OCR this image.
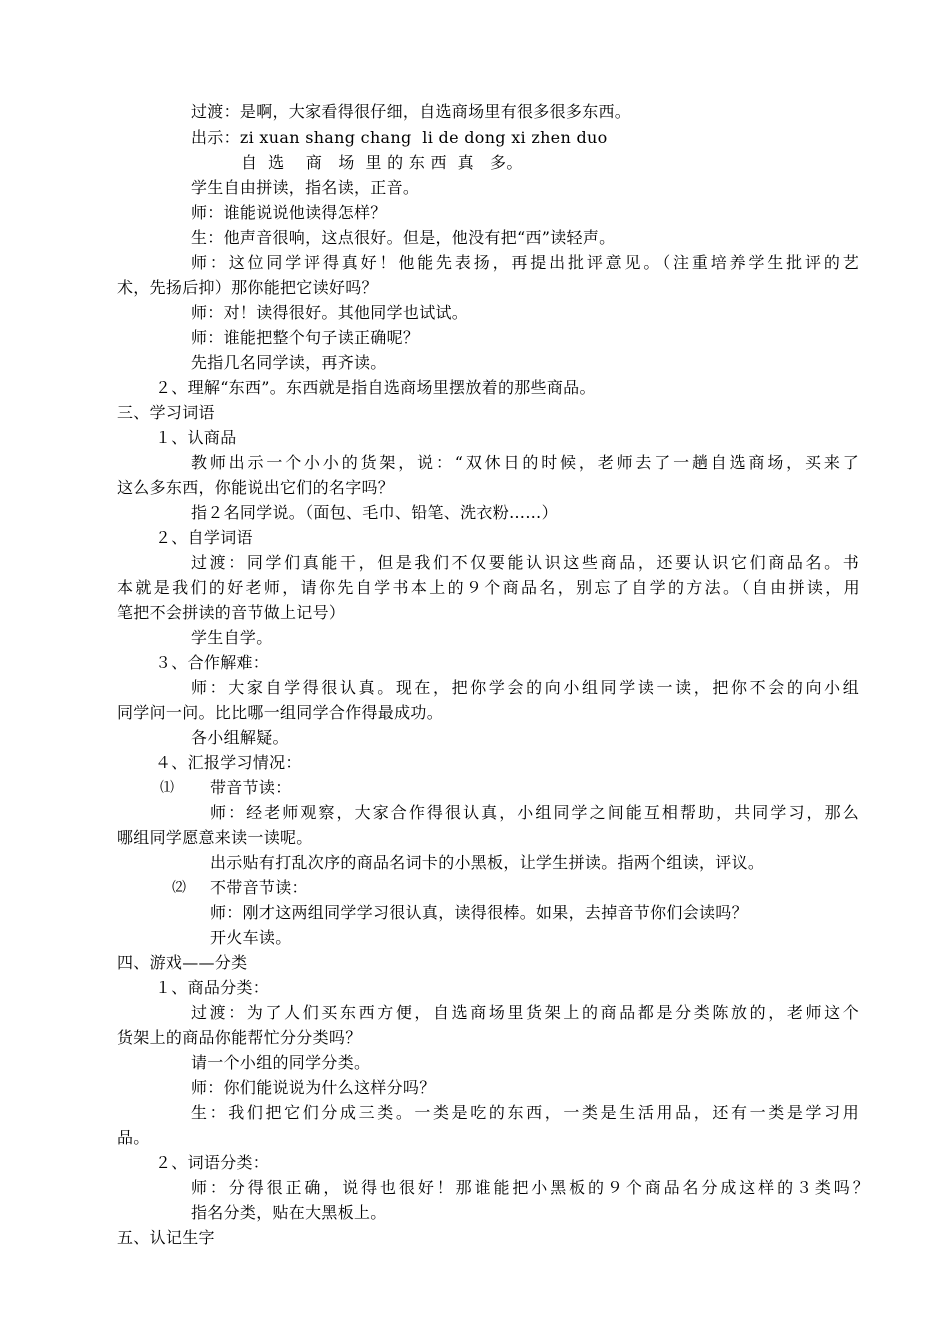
过渡：是啊，大家看得很仔细，自选商场里有很多很多东西。
出示：zi xuan shang chang  li de dong xi zhen duo
自  选    商   场  里 的 东 西  真   多。
学生自由拼读，指名读，正音。
师：谁能说说他读得怎样？
生：他声音很响，这点很好。但是，他没有把“西”读轻声。
师：这位同学评得真好！他能先表扬，再提出批评意见。（注重培养学生批评的艺
术，先扬后抑）那你能把它读好吗？
师：对！读得很好。其他同学也试试。
师：谁能把整个句子读正确呢？
先指几名同学读，再齐读。
２、理解“东西”。东西就是指自选商场里摆放着的那些商品。
三、学习词语
１、认商品
教师出示一个小小的货架，说：“双休日的时候，老师去了一趟自选商场，买来了
这么多东西，你能说出它们的名字吗？
指２名同学说。（面包、毛巾、铅笔、洗衣粉……）
２、自学词语
过渡：同学们真能干，但是我们不仅要能认识这些商品，还要认识它们商品名。书
本就是我们的好老师，请你先自学书本上的９个商品名，别忘了自学的方法。（自由拼读，用
笔把不会拼读的音节做上记号）
学生自学。
３、合作解难：
师：大家自学得很认真。现在，把你学会的向小组同学读一读，把你不会的向小组
同学问一问。比比哪一组同学合作得最成功。
各小组解疑。
４、汇报学习情况：
⑴ 带音节读：
师：经老师观察，大家合作得很认真，小组同学之间能互相帮助，共同学习，那么
哪组同学愿意来读一读呢。
出示贴有打乱次序的商品名词卡的小黑板，让学生拼读。指两个组读，评议。
⑵ 不带音节读：
师：刚才这两组同学学习很认真，读得很棒。如果，去掉音节你们会读吗？
开火车读。
四、游戏——分类
１、商品分类：
过渡：为了人们买东西方便，自选商场里货架上的商品都是分类陈放的，老师这个
货架上的商品你能帮忙分分类吗？
请一个小组的同学分类。
师：你们能说说为什么这样分吗？
生：我们把它们分成三类。一类是吃的东西，一类是生活用品，还有一类是学习用
品。
２、词语分类：
师：分得很正确，说得也很好！那谁能把小黑板的９个商品名分成这样的３类吗？
指名分类，贴在大黑板上。
五、认记生字
